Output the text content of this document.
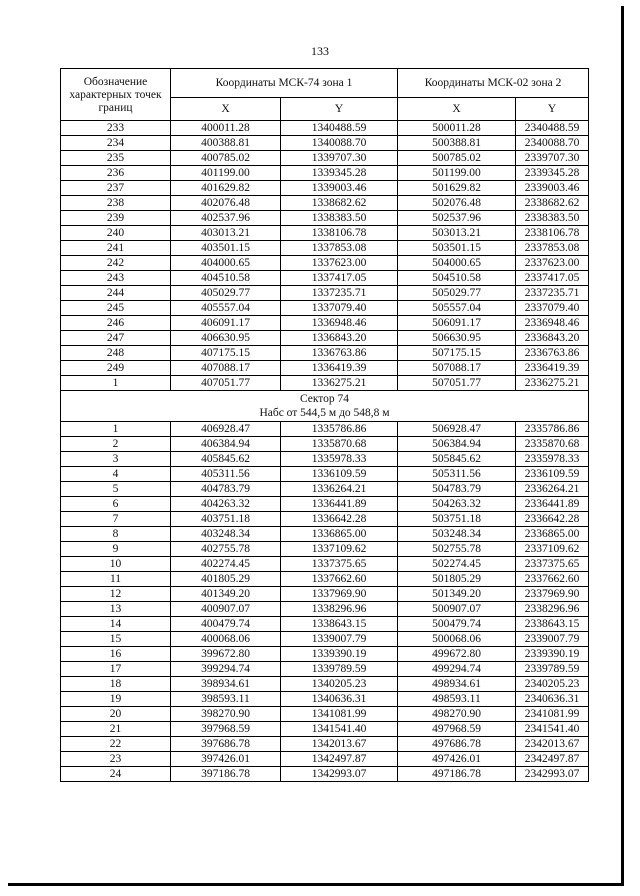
133
Обозначение характерных точек границ	Координаты МСК-74 зона 1		Координаты МСК-02 зона 2	
	X	Y	X	Y
233	400011.28	1340488.59	500011.28	2340488.59
234	400388.81	1340088.70	500388.81	2340088.70
235	400785.02	1339707.30	500785.02	2339707.30
236	401199.00	1339345.28	501199.00	2339345.28
237	401629.82	1339003.46	501629.82	2339003.46
238	402076.48	1338682.62	502076.48	2338682.62
239	402537.96	1338383.50	502537.96	2338383.50
240	403013.21	1338106.78	503013.21	2338106.78
241	403501.15	1337853.08	503501.15	2337853.08
242	404000.65	1337623.00	504000.65	2337623.00
243	404510.58	1337417.05	504510.58	2337417.05
244	405029.77	1337235.71	505029.77	2337235.71
245	405557.04	1337079.40	505557.04	2337079.40
246	406091.17	1336948.46	506091.17	2336948.46
247	406630.95	1336843.20	506630.95	2336843.20
248	407175.15	1336763.86	507175.15	2336763.86
249	407088.17	1336419.39	507088.17	2336419.39
1	407051.77	1336275.21	507051.77	2336275.21

Сектор 74
Набс от 544,5 м до 548,8 м				

1	406928.47	1335786.86	506928.47	2335786.86
2	406384.94	1335870.68	506384.94	2335870.68
3	405845.62	1335978.33	505845.62	2335978.33
4	405311.56	1336109.59	505311.56	2336109.59
5	404783.79	1336264.21	504783.79	2336264.21
6	404263.32	1336441.89	504263.32	2336441.89
7	403751.18	1336642.28	503751.18	2336642.28
8	403248.34	1336865.00	503248.34	2336865.00
9	402755.78	1337109.62	502755.78	2337109.62
10	402274.45	1337375.65	502274.45	2337375.65
11	401805.29	1337662.60	501805.29	2337662.60
12	401349.20	1337969.90	501349.20	2337969.90
13	400907.07	1338296.96	500907.07	2338296.96
14	400479.74	1338643.15	500479.74	2338643.15
15	400068.06	1339007.79	500068.06	2339007.79
16	399672.80	1339390.19	499672.80	2339390.19
17	399294.74	1339789.59	499294.74	2339789.59
18	398934.61	1340205.23	498934.61	2340205.23
19	398593.11	1340636.31	498593.11	2340636.31
20	398270.90	1341081.99	498270.90	2341081.99
21	397968.59	1341541.40	497968.59	2341541.40
22	397686.78	1342013.67	497686.78	2342013.67
23	397426.01	1342497.87	497426.01	2342497.87
24	397186.78	1342993.07	497186.78	2342993.07
